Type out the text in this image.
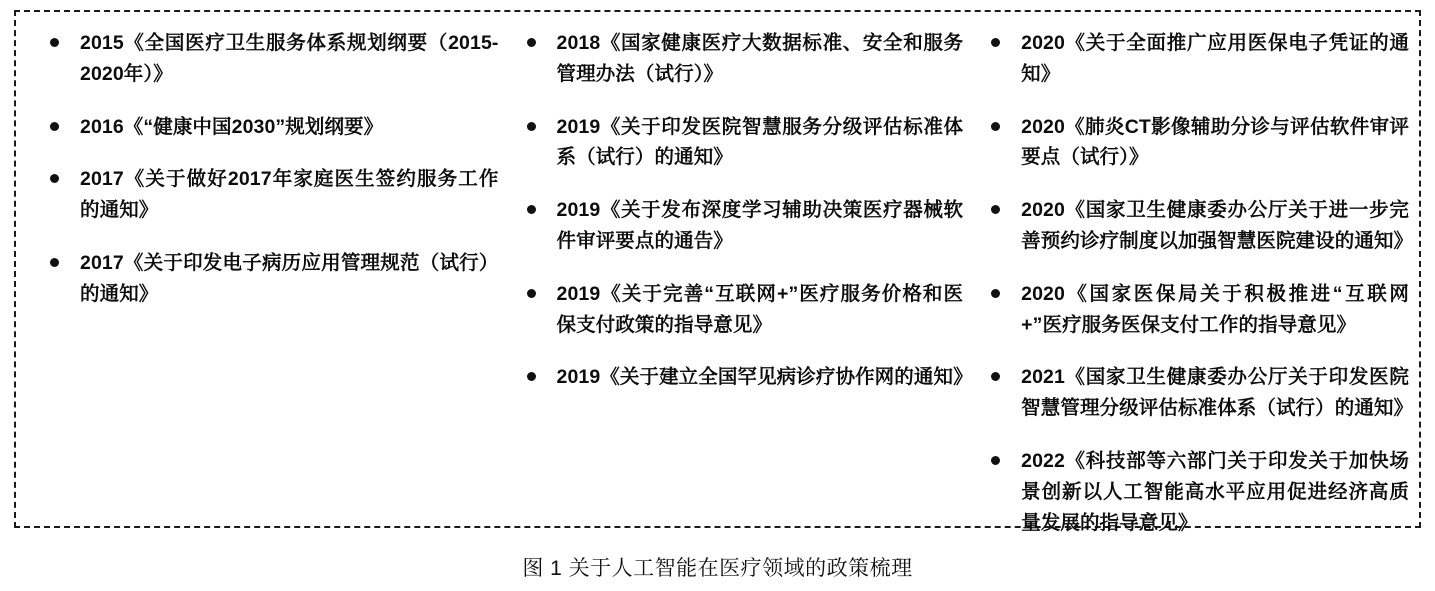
2015《全国医疗卫生服务体系规划纲要（2015-2020年）》
2016《“健康中国2030”规划纲要》
2017《关于做好2017年家庭医生签约服务工作的通知》
2017《关于印发电子病历应用管理规范（试行）的通知》
2018《国家健康医疗大数据标准、安全和服务管理办法（试行）》
2019《关于印发医院智慧服务分级评估标准体系（试行）的通知》
2019《关于发布深度学习辅助决策医疗器械软件审评要点的通告》
2019《关于完善“互联网+”医疗服务价格和医保支付政策的指导意见》
2019《关于建立全国罕见病诊疗协作网的通知》
2020《关于全面推广应用医保电子凭证的通知》
2020《肺炎CT影像辅助分诊与评估软件审评要点（试行）》
2020《国家卫生健康委办公厅关于进一步完善预约诊疗制度以加强智慧医院建设的通知》
2020《国家医保局关于积极推进“互联网+”医疗服务医保支付工作的指导意见》
2021《国家卫生健康委办公厅关于印发医院智慧管理分级评估标准体系（试行）的通知》
2022《科技部等六部门关于印发关于加快场景创新以人工智能高水平应用促进经济高质量发展的指导意见》
图 1 关于人工智能在医疗领域的政策梳理
